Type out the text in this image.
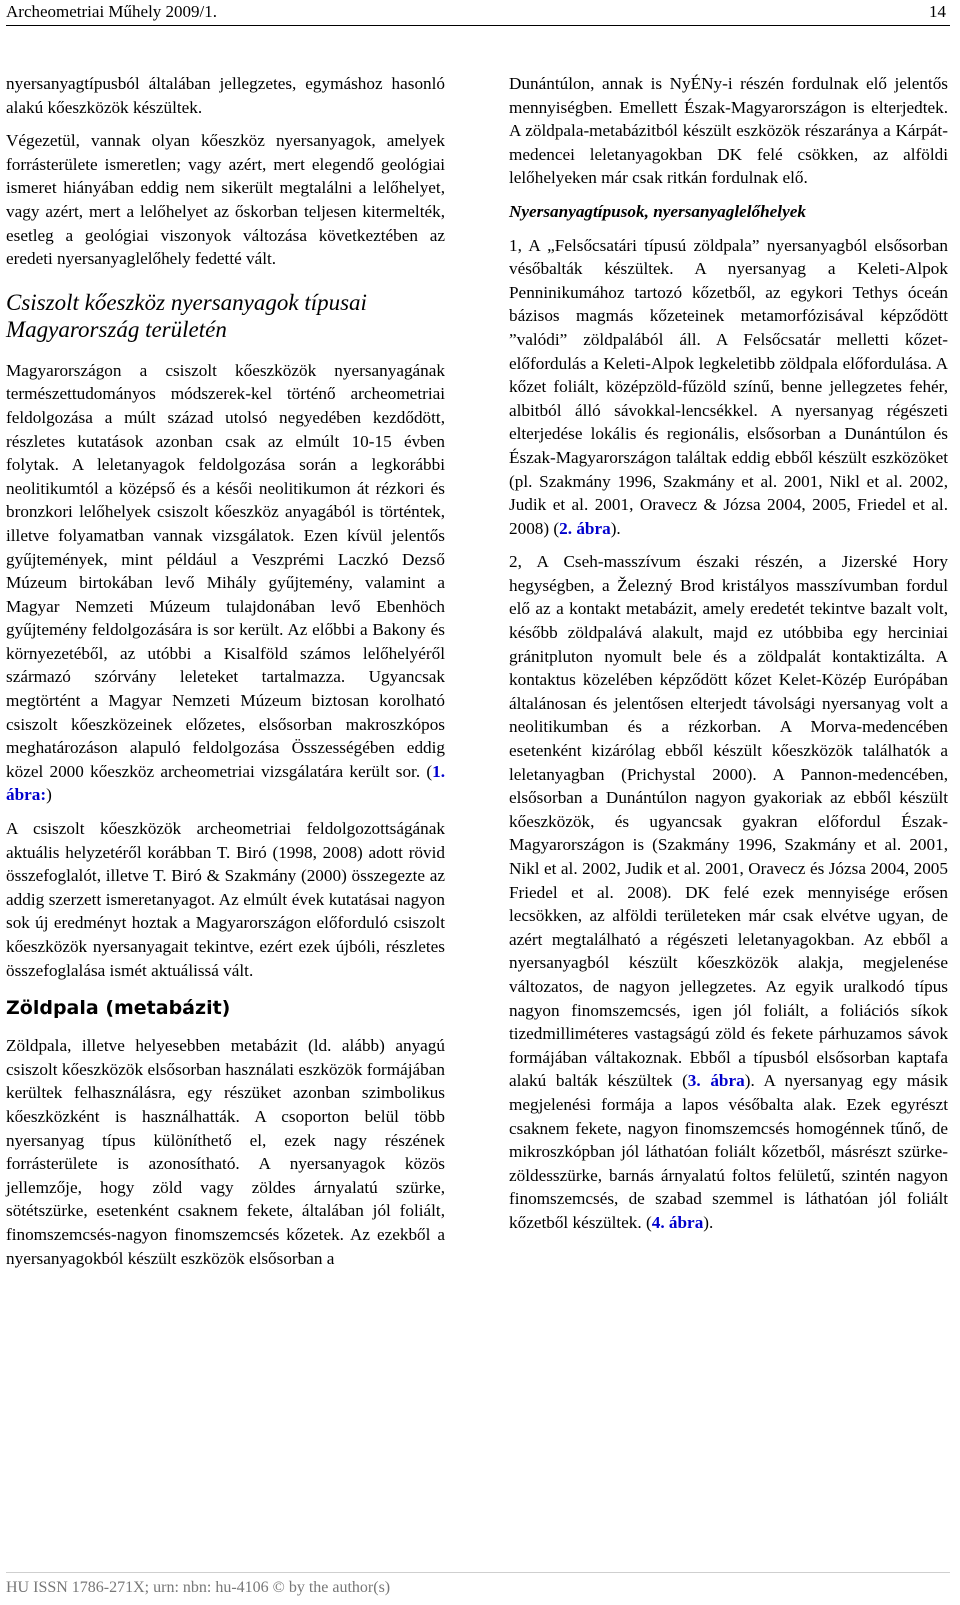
Archeometriai Műhely 2009/1.	14

nyersanyagtípusból általában jellegzetes, egymáshoz hasonló alakú kőeszközök készültek.

Végezetül, vannak olyan kőeszköz nyersanyagok, amelyek forrásterülete ismeretlen; vagy azért, mert elegendő geológiai ismeret hiányában eddig nem sikerült megtalálni a lelőhelyet, vagy azért, mert a lelőhelyet az őskorban teljesen kitermelték, esetleg a geológiai viszonyok változása következtében az eredeti nyersanyaglelőhely fedetté vált.

Csiszolt kőeszköz nyersanyagok típusai Magyarország területén

Magyarországon a csiszolt kőeszközök nyersanyagának természettudományos módszerek-kel történő archeometriai feldolgozása a múlt század utolsó negyedében kezdődött, részletes kutatások azonban csak az elmúlt 10-15 évben folytak. A leletanyagok feldolgozása során a legkorábbi neolitikumtól a középső és a késői neolitikumon át rézkori és bronzkori lelőhelyek csiszolt kőeszköz anyagából is történtek, illetve folyamatban vannak vizsgálatok. Ezen kívül jelentős gyűjtemények, mint például a Veszprémi Laczkó Dezső Múzeum birtokában levő Mihály gyűjtemény, valamint a Magyar Nemzeti Múzeum tulajdonában levő Ebenhöch gyűjtemény feldolgozására is sor került. Az előbbi a Bakony és környezetéből, az utóbbi a Kisalföld számos lelőhelyéről származó szórvány leleteket tartalmazza. Ugyancsak megtörtént a Magyar Nemzeti Múzeum biztosan korolható csiszolt kőeszközeinek előzetes, elsősorban makroszkópos meghatározáson alapuló feldolgozása Összességében eddig közel 2000 kőeszköz archeometriai vizsgálatára került sor. (1. ábra:)

A csiszolt kőeszközök archeometriai feldolgozottságának aktuális helyzetéről korábban T. Biró (1998, 2008) adott rövid összefoglalót, illetve T. Biró & Szakmány (2000) összegezte az addig szerzett ismeretanyagot. Az elmúlt évek kutatásai nagyon sok új eredményt hoztak a Magyarországon előforduló csiszolt kőeszközök nyersanyagait tekintve, ezért ezek újbóli, részletes összefoglalása ismét aktuálissá vált.

Zöldpala (metabázit)

Zöldpala, illetve helyesebben metabázit (ld. alább) anyagú csiszolt kőeszközök elsősorban használati eszközök formájában kerültek felhasználásra, egy részüket azonban szimbolikus kőeszközként is használhatták. A csoporton belül több nyersanyag típus különíthető el, ezek nagy részének forrásterülete is azonosítható. A nyersanyagok közös jellemzője, hogy zöld vagy zöldes árnyalatú szürke, sötétszürke, esetenként csaknem fekete, általában jól foliált, finomszemcsés-nagyon finomszemcsés kőzetek. Az ezekből a nyersanyagokból készült eszközök elsősorban a

Dunántúlon, annak is NyÉNy-i részén fordulnak elő jelentős mennyiségben. Emellett Észak-Magyarországon is elterjedtek. A zöldpala-metabázitból készült eszközök részaránya a Kárpát-medencei leletanyagokban DK felé csökken, az alföldi lelőhelyeken már csak ritkán fordulnak elő.

Nyersanyagtípusok, nyersanyaglelőhelyek

1, A „Felsőcsatári típusú zöldpala” nyersanyagból elsősorban vésőbalták készültek. A nyersanyag a Keleti-Alpok Penninikumához tartozó kőzetből, az egykori Tethys óceán bázisos magmás kőzeteinek metamorfózisával képződött ”valódi” zöldpalából áll. A Felsőcsatár melletti kőzet-előfordulás a Keleti-Alpok legkeletibb zöldpala előfordulása. A kőzet foliált, középzöld-fűzöld színű, benne jellegzetes fehér, albitból álló sávokkal-lencsékkel. A nyersanyag régészeti elterjedése lokális és regionális, elsősorban a Dunántúlon és Észak-Magyarországon találtak eddig ebből készült eszközöket (pl. Szakmány 1996, Szakmány et al. 2001, Nikl et al. 2002, Judik et al. 2001, Oravecz & Józsa 2004, 2005, Friedel et al. 2008) (2. ábra).

2, A Cseh-masszívum északi részén, a Jizerské Hory hegységben, a Železný Brod kristályos masszívumban fordul elő az a kontakt metabázit, amely eredetét tekintve bazalt volt, később zöldpalává alakult, majd ez utóbbiba egy herciniai gránitpluton nyomult bele és a zöldpalát kontaktizálta. A kontaktus közelében képződött kőzet Kelet-Közép Európában általánosan és jelentősen elterjedt távolsági nyersanyag volt a neolitikumban és a rézkorban. A Morva-medencében esetenként kizárólag ebből készült kőeszközök találhatók a leletanyagban (Prichystal 2000). A Pannon-medencében, elsősorban a Dunántúlon nagyon gyakoriak az ebből készült kőeszközök, és ugyancsak gyakran előfordul Észak-Magyarországon is (Szakmány 1996, Szakmány et al. 2001, Nikl et al. 2002, Judik et al. 2001, Oravecz és Józsa 2004, 2005 Friedel et al. 2008). DK felé ezek mennyisége erősen lecsökken, az alföldi területeken már csak elvétve ugyan, de azért megtalálható a régészeti leletanyagokban. Az ebből a nyersanyagból készült kőeszközök alakja, megjelenése változatos, de nagyon jellegzetes. Az egyik uralkodó típus nagyon finomszemcsés, igen jól foliált, a foliációs síkok tizedmilliméteres vastagságú zöld és fekete párhuzamos sávok formájában váltakoznak. Ebből a típusból elsősorban kaptafa alakú balták készültek (3. ábra). A nyersanyag egy másik megjelenési formája a lapos vésőbalta alak. Ezek egyrészt csaknem fekete, nagyon finomszemcsés homogénnek tűnő, de mikroszkópban jól láthatóan foliált kőzetből, másrészt szürke-zöldesszürke, barnás árnyalatú foltos felületű, szintén nagyon finomszemcsés, de szabad szemmel is láthatóan jól foliált kőzetből készültek. (4. ábra).

HU ISSN 1786-271X; urn: nbn: hu-4106 © by the author(s)
